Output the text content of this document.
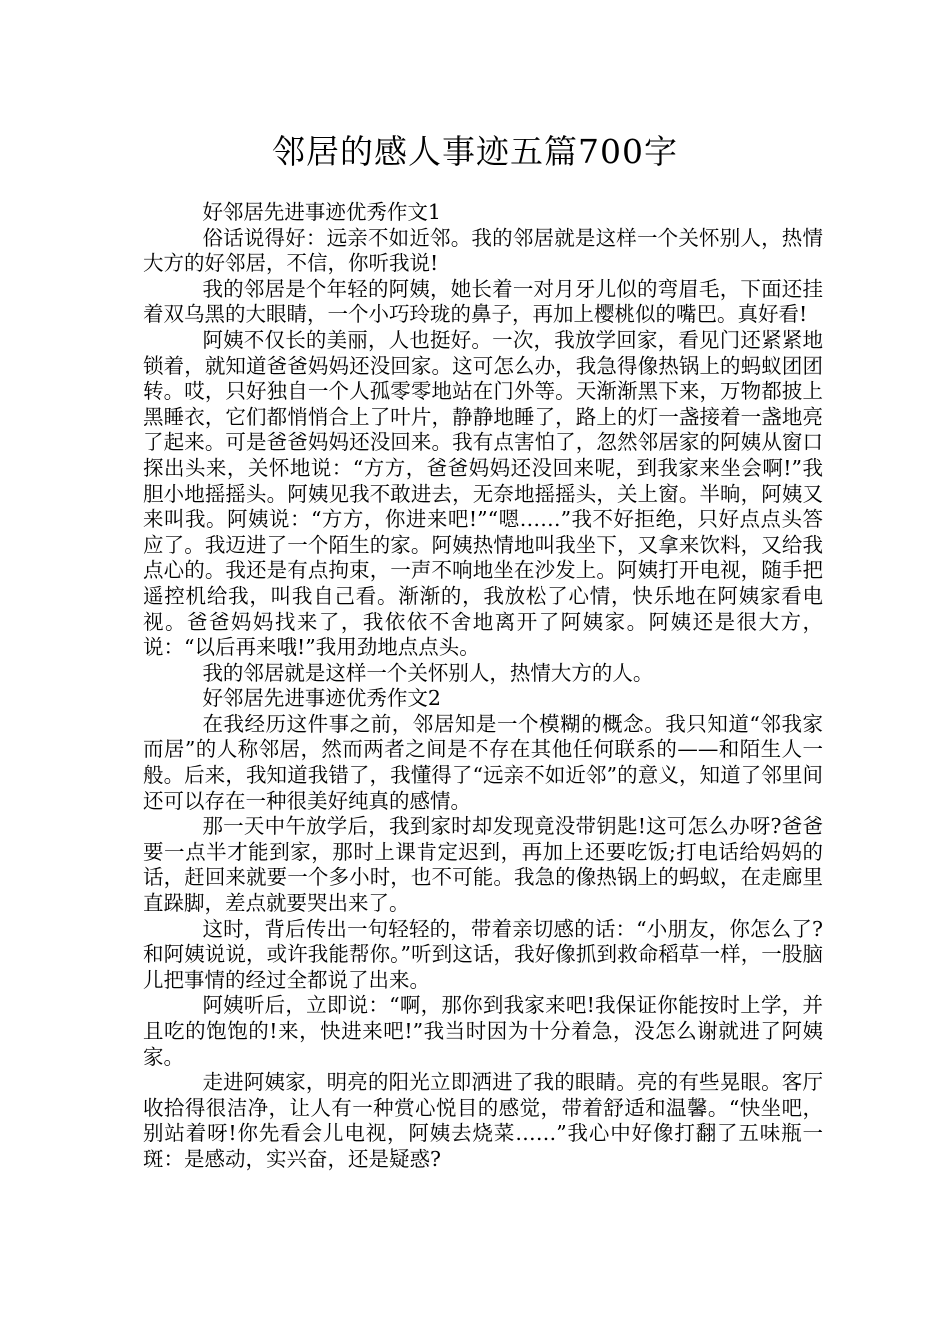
邻居的感人事迹五篇700字

好邻居先进事迹优秀作文1

俗话说得好：远亲不如近邻。我的邻居就是这样一个关怀别人，热情大方的好邻居，不信，你听我说!

我的邻居是个年轻的阿姨，她长着一对月牙儿似的弯眉毛，下面还挂着双乌黑的大眼睛，一个小巧玲珑的鼻子，再加上樱桃似的嘴巴。真好看!

阿姨不仅长的美丽，人也挺好。一次，我放学回家，看见门还紧紧地锁着，就知道爸爸妈妈还没回家。这可怎么办，我急得像热锅上的蚂蚁团团转。哎，只好独自一个人孤零零地站在门外等。天渐渐黑下来，万物都披上黑睡衣，它们都悄悄合上了叶片，静静地睡了，路上的灯一盏接着一盏地亮了起来。可是爸爸妈妈还没回来。我有点害怕了，忽然邻居家的阿姨从窗口探出头来，关怀地说：“方方，爸爸妈妈还没回来呢，到我家来坐会啊!”我胆小地摇摇头。阿姨见我不敢进去，无奈地摇摇头，关上窗。半晌，阿姨又来叫我。阿姨说：“方方，你进来吧!”“嗯……”我不好拒绝，只好点点头答应了。我迈进了一个陌生的家。阿姨热情地叫我坐下，又拿来饮料，又给我点心的。我还是有点拘束，一声不响地坐在沙发上。阿姨打开电视，随手把遥控机给我，叫我自己看。渐渐的，我放松了心情，快乐地在阿姨家看电视。爸爸妈妈找来了，我依依不舍地离开了阿姨家。阿姨还是很大方，说：“以后再来哦!”我用劲地点点头。

我的邻居就是这样一个关怀别人，热情大方的人。

好邻居先进事迹优秀作文2

在我经历这件事之前，邻居知是一个模糊的概念。我只知道“邻我家而居”的人称邻居，然而两者之间是不存在其他任何联系的——和陌生人一般。后来，我知道我错了，我懂得了“远亲不如近邻”的意义，知道了邻里间还可以存在一种很美好纯真的感情。

那一天中午放学后，我到家时却发现竟没带钥匙!这可怎么办呀?爸爸要一点半才能到家，那时上课肯定迟到，再加上还要吃饭;打电话给妈妈的话，赶回来就要一个多小时，也不可能。我急的像热锅上的蚂蚁，在走廊里直跺脚，差点就要哭出来了。

这时，背后传出一句轻轻的，带着亲切感的话：“小朋友，你怎么了?和阿姨说说，或许我能帮你。”听到这话，我好像抓到救命稻草一样，一股脑儿把事情的经过全都说了出来。

阿姨听后，立即说：“啊，那你到我家来吧!我保证你能按时上学，并且吃的饱饱的!来，快进来吧!”我当时因为十分着急，没怎么谢就进了阿姨家。

走进阿姨家，明亮的阳光立即洒进了我的眼睛。亮的有些晃眼。客厅收拾得很洁净，让人有一种赏心悦目的感觉，带着舒适和温馨。“快坐吧，别站着呀!你先看会儿电视，阿姨去烧菜……”我心中好像打翻了五味瓶一斑：是感动，实兴奋，还是疑惑?
